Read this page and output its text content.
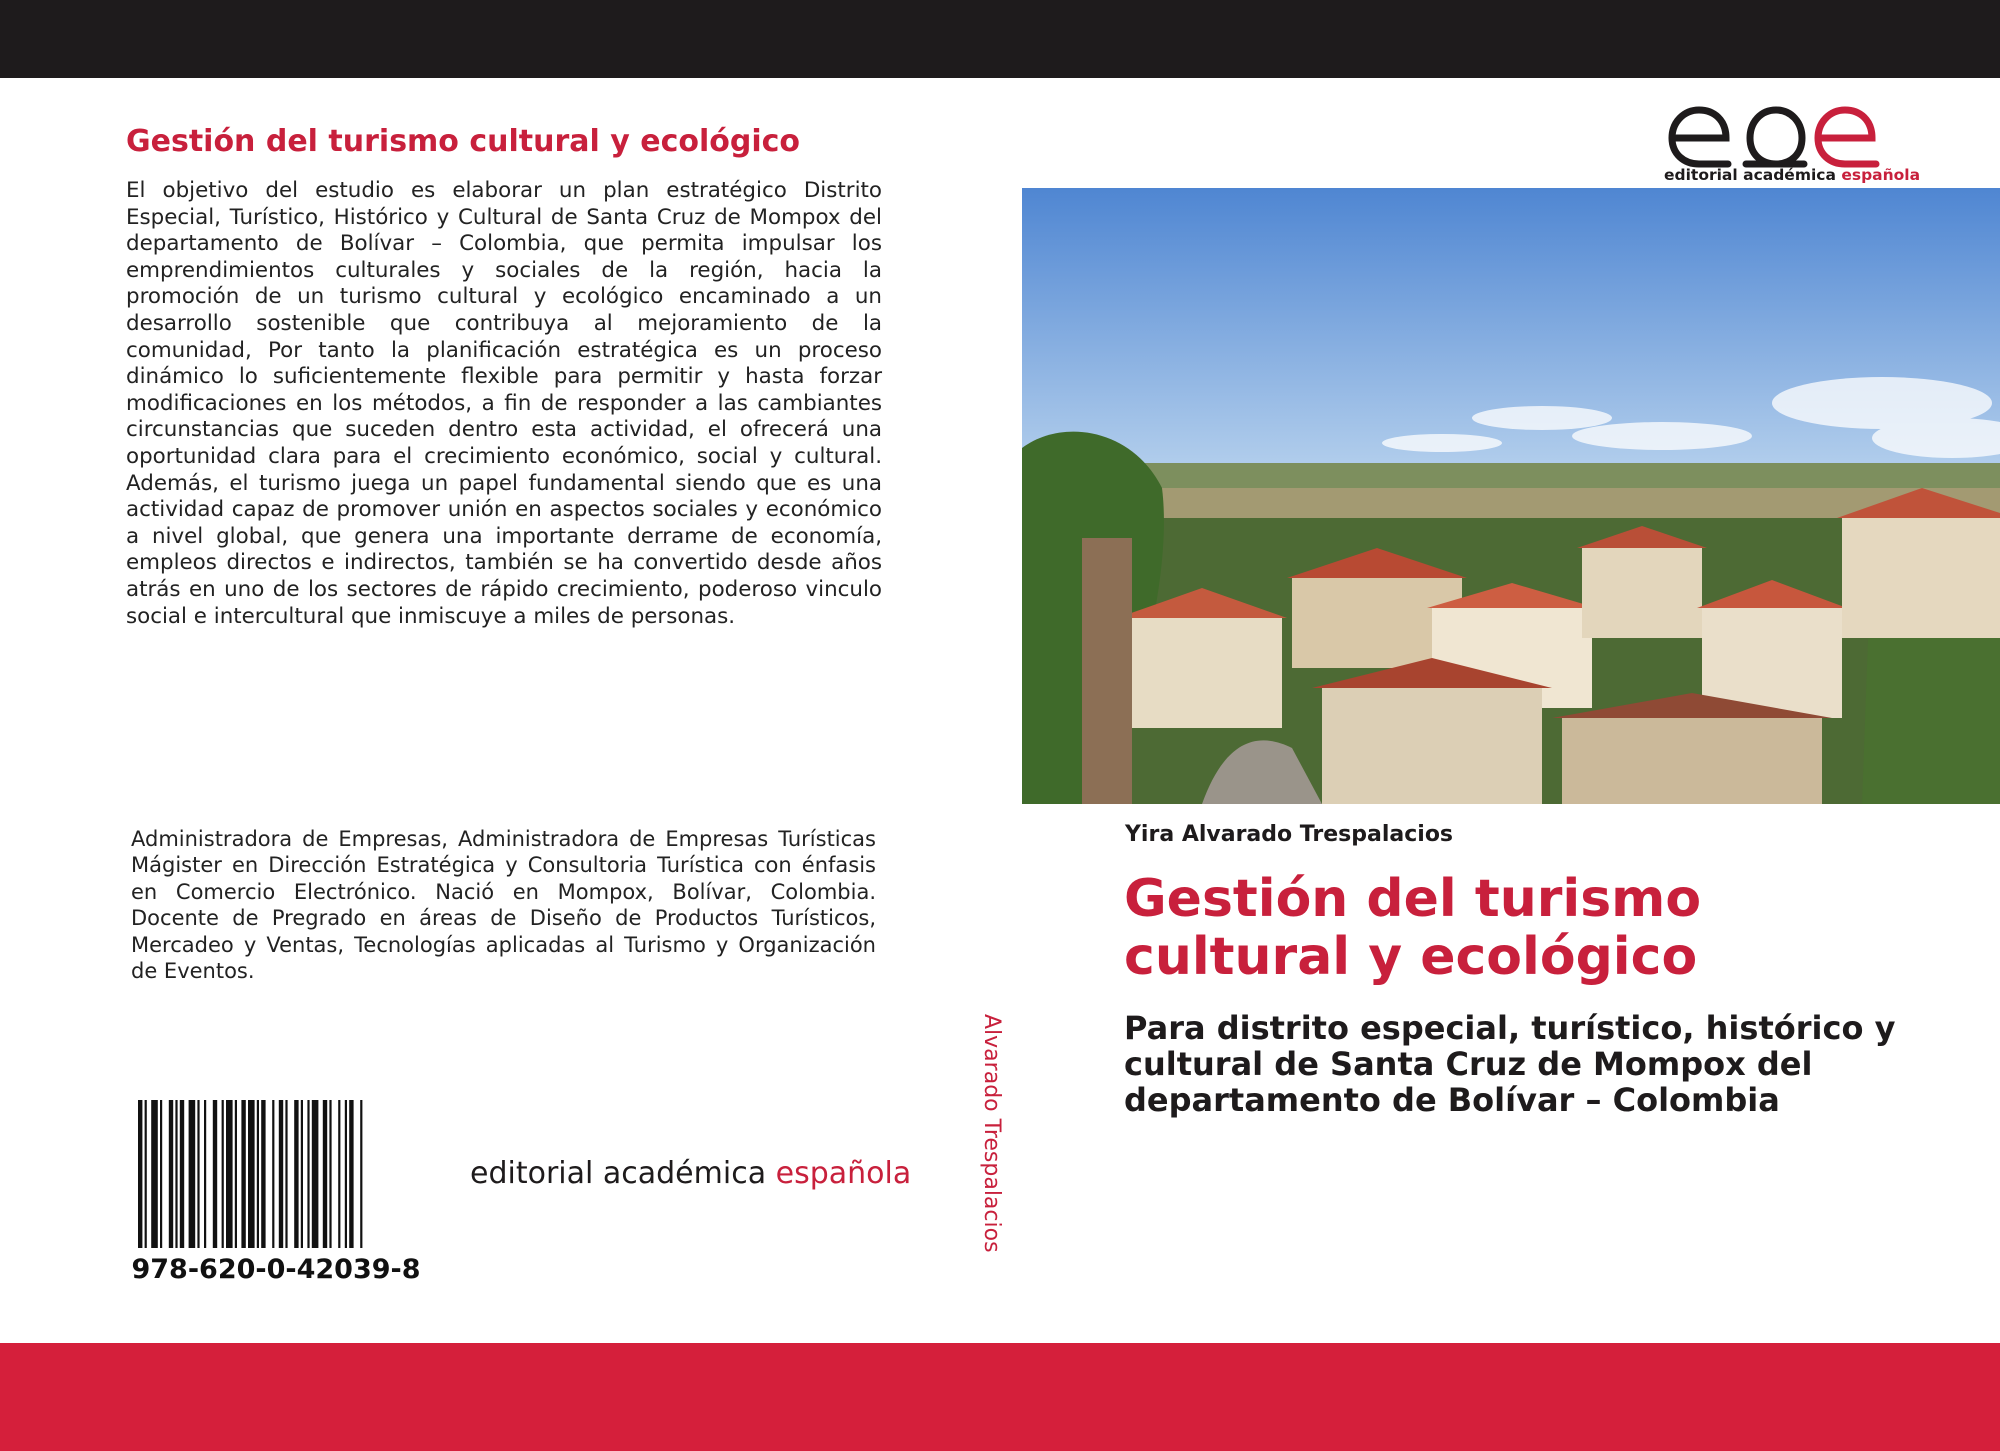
Gestión del turismo cultural y ecológico
El objetivo del estudio es elaborar un plan estratégico Distrito Especial, Turístico, Histórico y Cultural de Santa Cruz de Mompox del departamento de Bolívar – Colombia, que permita impulsar los emprendimientos culturales y sociales de la región, hacia la promoción de un turismo cultural y ecológico encaminado a un desarrollo sostenible que contribuya al mejoramiento de la comunidad, Por tanto la planificación estratégica es un proceso dinámico lo suficientemente flexible para permitir y hasta forzar modificaciones en los métodos, a fin de responder a las cambiantes circunstancias que suceden dentro esta actividad, el ofrecerá una oportunidad clara para el crecimiento económico, social y cultural. Además, el turismo juega un papel fundamental siendo que es una actividad capaz de promover unión en aspectos sociales y económico a nivel global, que genera una importante derrame de economía, empleos directos e indirectos, también se ha convertido desde años atrás en uno de los sectores de rápido crecimiento, poderoso vinculo social e intercultural que inmiscuye a miles de personas.
Administradora de Empresas, Administradora de Empresas Turísticas Mágister en Dirección Estratégica y Consultoria Turística con énfasis en Comercio Electrónico. Nació en Mompox, Bolívar, Colombia. Docente de Pregrado en áreas de Diseño de Productos Turísticos, Mercadeo y Ventas, Tecnologías aplicadas al Turismo y Organización de Eventos.
978-620-0-42039-8
editorial académica española	Alvarado Trespalacios
editorial académica española
Yira Alvarado Trespalacios
Gestión del turismo cultural y ecológico
Para distrito especial, turístico, histórico y cultural de Santa Cruz de Mompox del departamento de Bolívar – Colombia
